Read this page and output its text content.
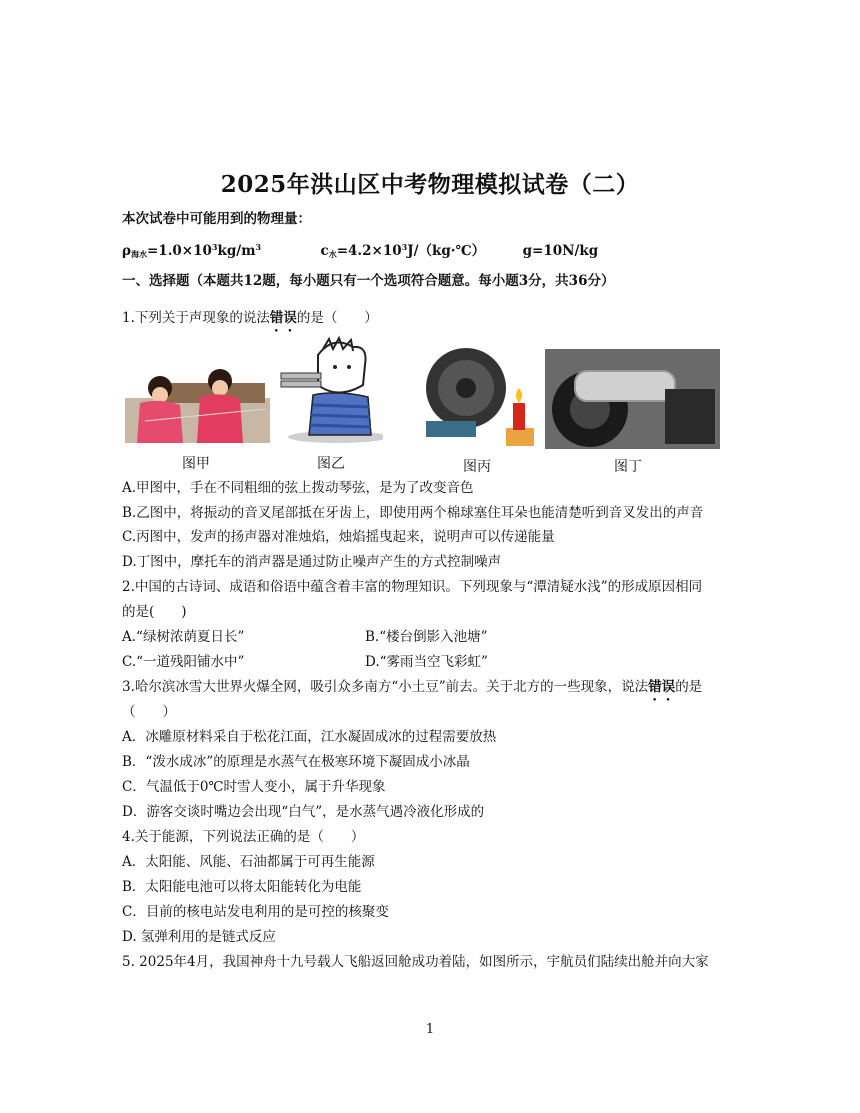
2025年洪山区中考物理模拟试卷（二）
本次试卷中可能用到的物理量：
ρ海水=1.0×103kg/m3	c水=4.2×103J/（kg·℃）	g=10N/kg
一、选择题（本题共12题，每小题只有一个选项符合题意。每小题3分，共36分）
1.下列关于声现象的说法错误的是（　　）
图甲	图乙	图丙	图丁
A.甲图中，手在不同粗细的弦上拨动琴弦，是为了改变音色
B.乙图中，将振动的音叉尾部抵在牙齿上，即使用两个棉球塞住耳朵也能清楚听到音叉发出的声音
C.丙图中，发声的扬声器对准烛焰，烛焰摇曳起来，说明声可以传递能量
D.丁图中，摩托车的消声器是通过防止噪声产生的方式控制噪声
2.中国的古诗词、成语和俗语中蕴含着丰富的物理知识。下列现象与“潭清疑水浅”的形成原因相同
的是(　　)
A.“绿树浓荫夏日长”	B.“楼台倒影入池塘”
C.“一道残阳铺水中”	D.“雾雨当空飞彩虹”
3.哈尔滨冰雪大世界火爆全网，吸引众多南方“小土豆”前去。关于北方的一些现象，说法错误的是
（　　）
A．冰雕原材料采自于松花江面，江水凝固成冰的过程需要放热
B．“泼水成冰”的原理是水蒸气在极寒环境下凝固成小冰晶
C．气温低于0℃时雪人变小，属于升华现象
D．游客交谈时嘴边会出现“白气”，是水蒸气遇冷液化形成的
4.关于能源，下列说法正确的是（　　）
A．太阳能、风能、石油都属于可再生能源
B．太阳能电池可以将太阳能转化为电能
C．目前的核电站发电利用的是可控的核聚变
D. 氢弹利用的是链式反应
5. 2025年4月，我国神舟十九号载人飞船返回舱成功着陆，如图所示，宇航员们陆续出舱并向大家
1
